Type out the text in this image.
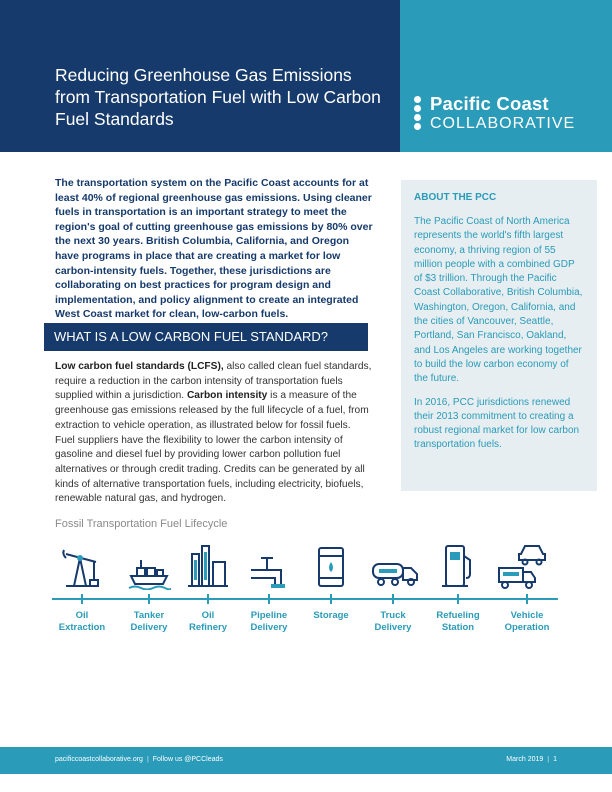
Reducing Greenhouse Gas Emissions from Transportation Fuel with Low Carbon Fuel Standards
Pacific Coast
COLLABORATIVE

The transportation system on the Pacific Coast accounts for at least 40% of regional greenhouse gas emissions. Using cleaner fuels in transportation is an important strategy to meet the region's goal of cutting greenhouse gas emissions by 80% over the next 30 years. British Columbia, California, and Oregon have programs in place that are creating a market for low carbon-intensity fuels. Together, these jurisdictions are collaborating on best practices for program design and implementation, and policy alignment to create an integrated West Coast market for clean, low-carbon fuels.

WHAT IS A LOW CARBON FUEL STANDARD?

Low carbon fuel standards (LCFS), also called clean fuel standards, require a reduction in the carbon intensity of transportation fuels supplied within a jurisdiction. Carbon intensity is a measure of the greenhouse gas emissions released by the full lifecycle of a fuel, from extraction to vehicle operation, as illustrated below for fossil fuels. Fuel suppliers have the flexibility to lower the carbon intensity of gasoline and diesel fuel by providing lower carbon pollution fuel alternatives or through credit trading. Credits can be generated by all kinds of alternative transportation fuels, including electricity, biofuels, renewable natural gas, and hydrogen.

ABOUT THE PCC

The Pacific Coast of North America represents the world's fifth largest economy, a thriving region of 55 million people with a combined GDP of $3 trillion. Through the Pacific Coast Collaborative, British Columbia, Washington, Oregon, California, and the cities of Vancouver, Seattle, Portland, San Francisco, Oakland, and Los Angeles are working together to build the low carbon economy of the future.

In 2016, PCC jurisdictions renewed their 2013 commitment to creating a robust regional market for low carbon transportation fuels.

Fossil Transportation Fuel Lifecycle
Oil
Extraction
Tanker
Delivery
Oil
Refinery
Pipeline
Delivery
Storage	Truck
Delivery
Refueling
Station
Vehicle
Operation
pacificcoastcollaborative.org | Follow us @PCCleads	March 2019 | 1
